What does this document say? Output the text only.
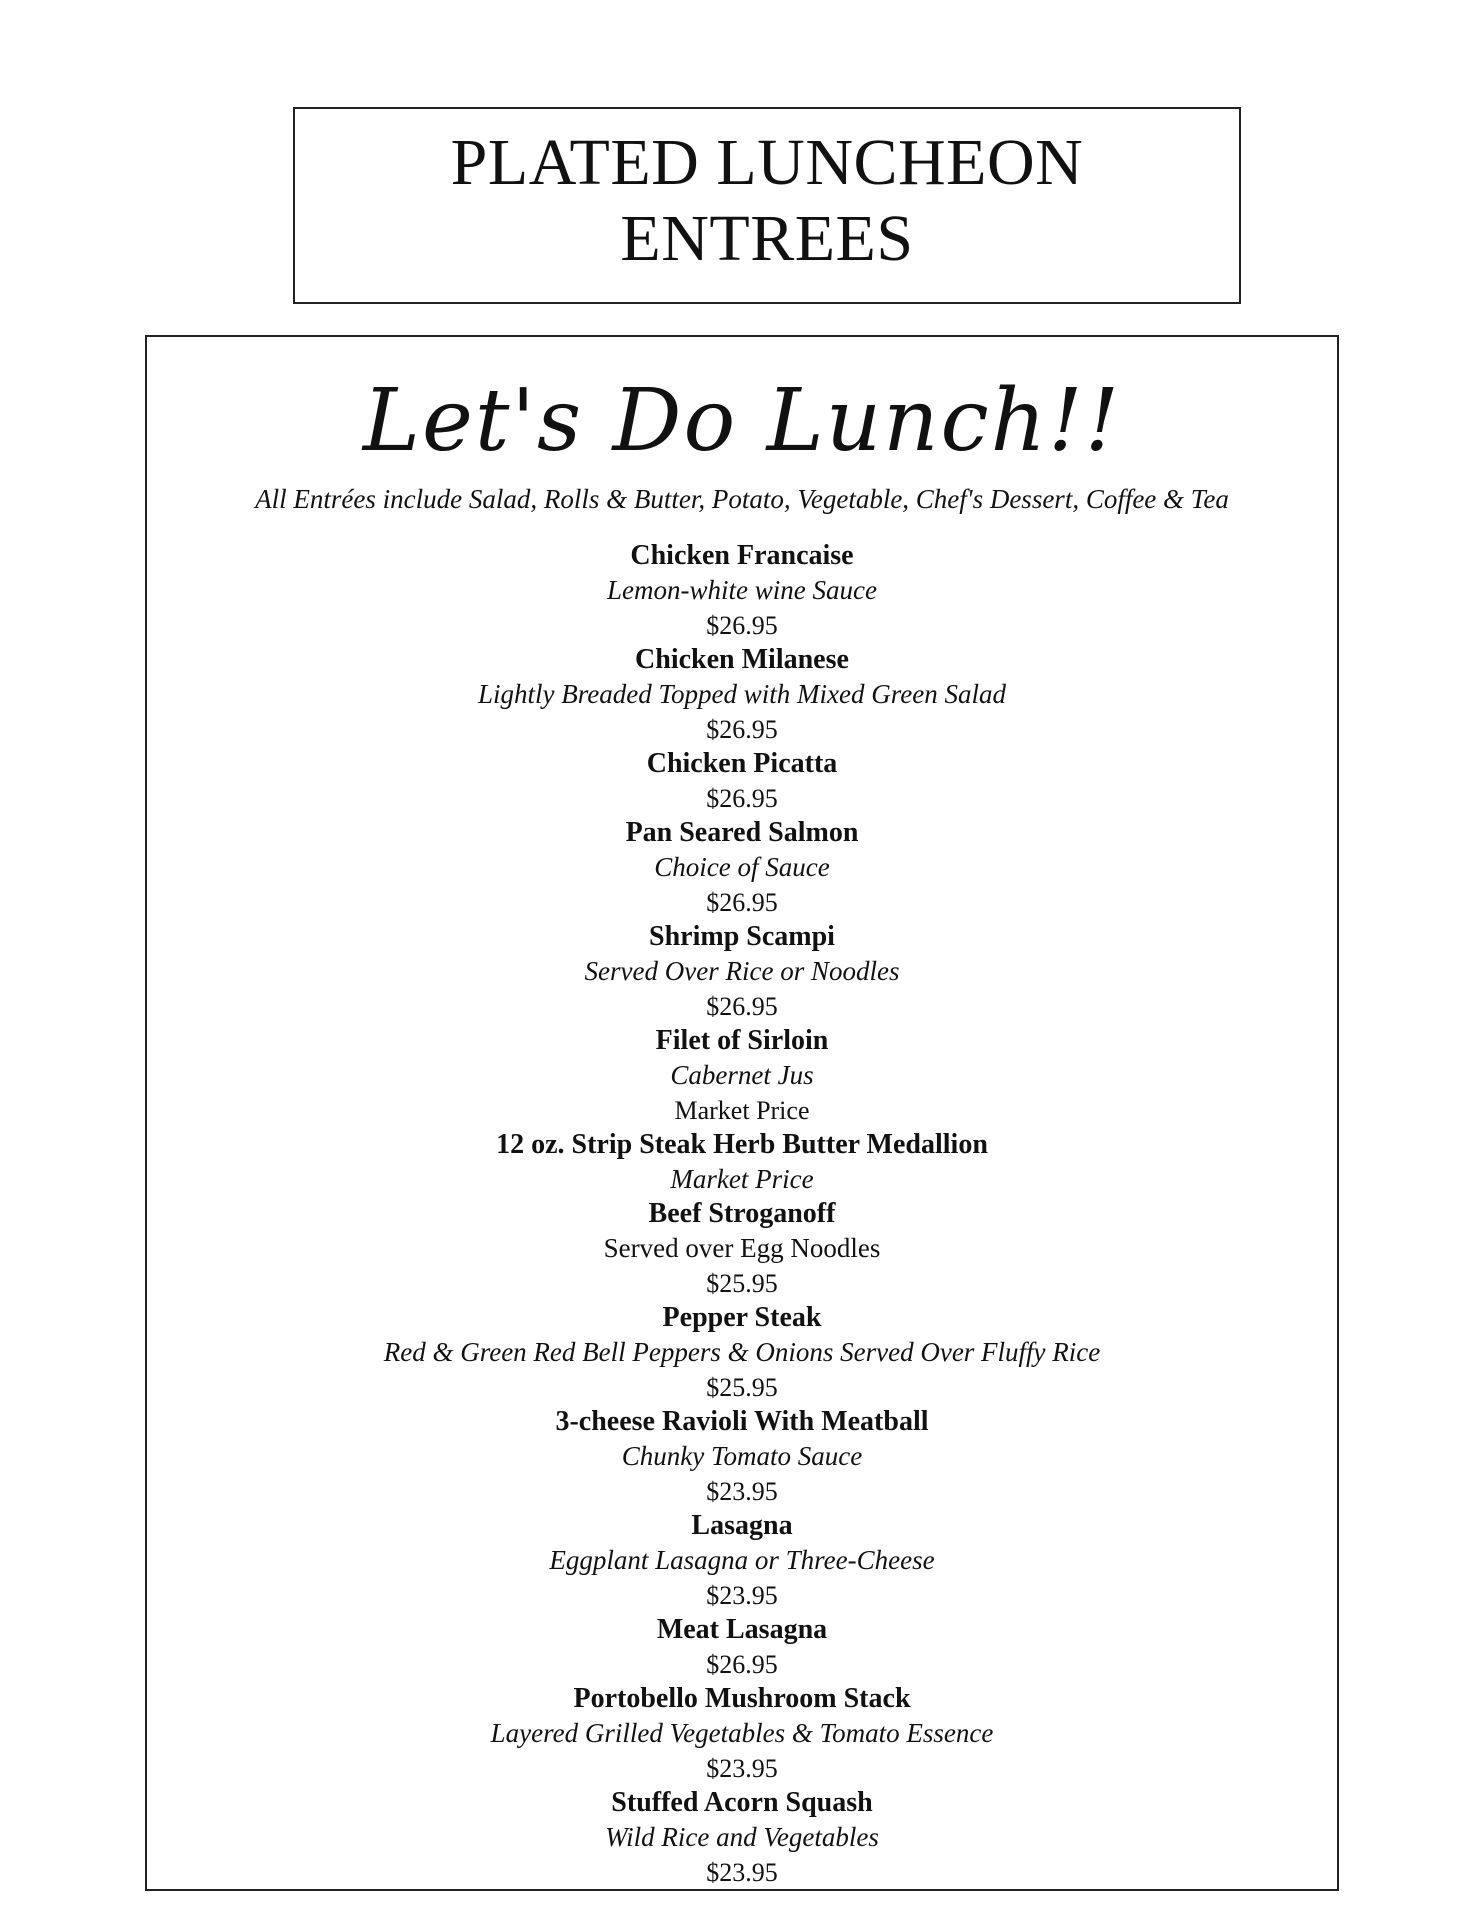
PLATED LUNCHEON
ENTREES
Let's Do Lunch!!
All Entrées include Salad, Rolls & Butter, Potato, Vegetable, Chef's Dessert, Coffee & Tea
Chicken Francaise
Lemon-white wine Sauce
$26.95
Chicken Milanese
Lightly Breaded Topped with Mixed Green Salad
$26.95
Chicken Picatta
$26.95
Pan Seared Salmon
Choice of Sauce
$26.95
Shrimp Scampi
Served Over Rice or Noodles
$26.95
Filet of Sirloin
Cabernet Jus
Market Price
12 oz. Strip Steak Herb Butter Medallion
Market Price
Beef Stroganoff
Served over Egg Noodles
$25.95
Pepper Steak
Red & Green Red Bell Peppers & Onions Served Over Fluffy Rice
$25.95
3-cheese Ravioli With Meatball
Chunky Tomato Sauce
$23.95
Lasagna
Eggplant Lasagna or Three-Cheese
$23.95
Meat Lasagna
$26.95
Portobello Mushroom Stack
Layered Grilled Vegetables & Tomato Essence
$23.95
Stuffed Acorn Squash
Wild Rice and Vegetables
$23.95
